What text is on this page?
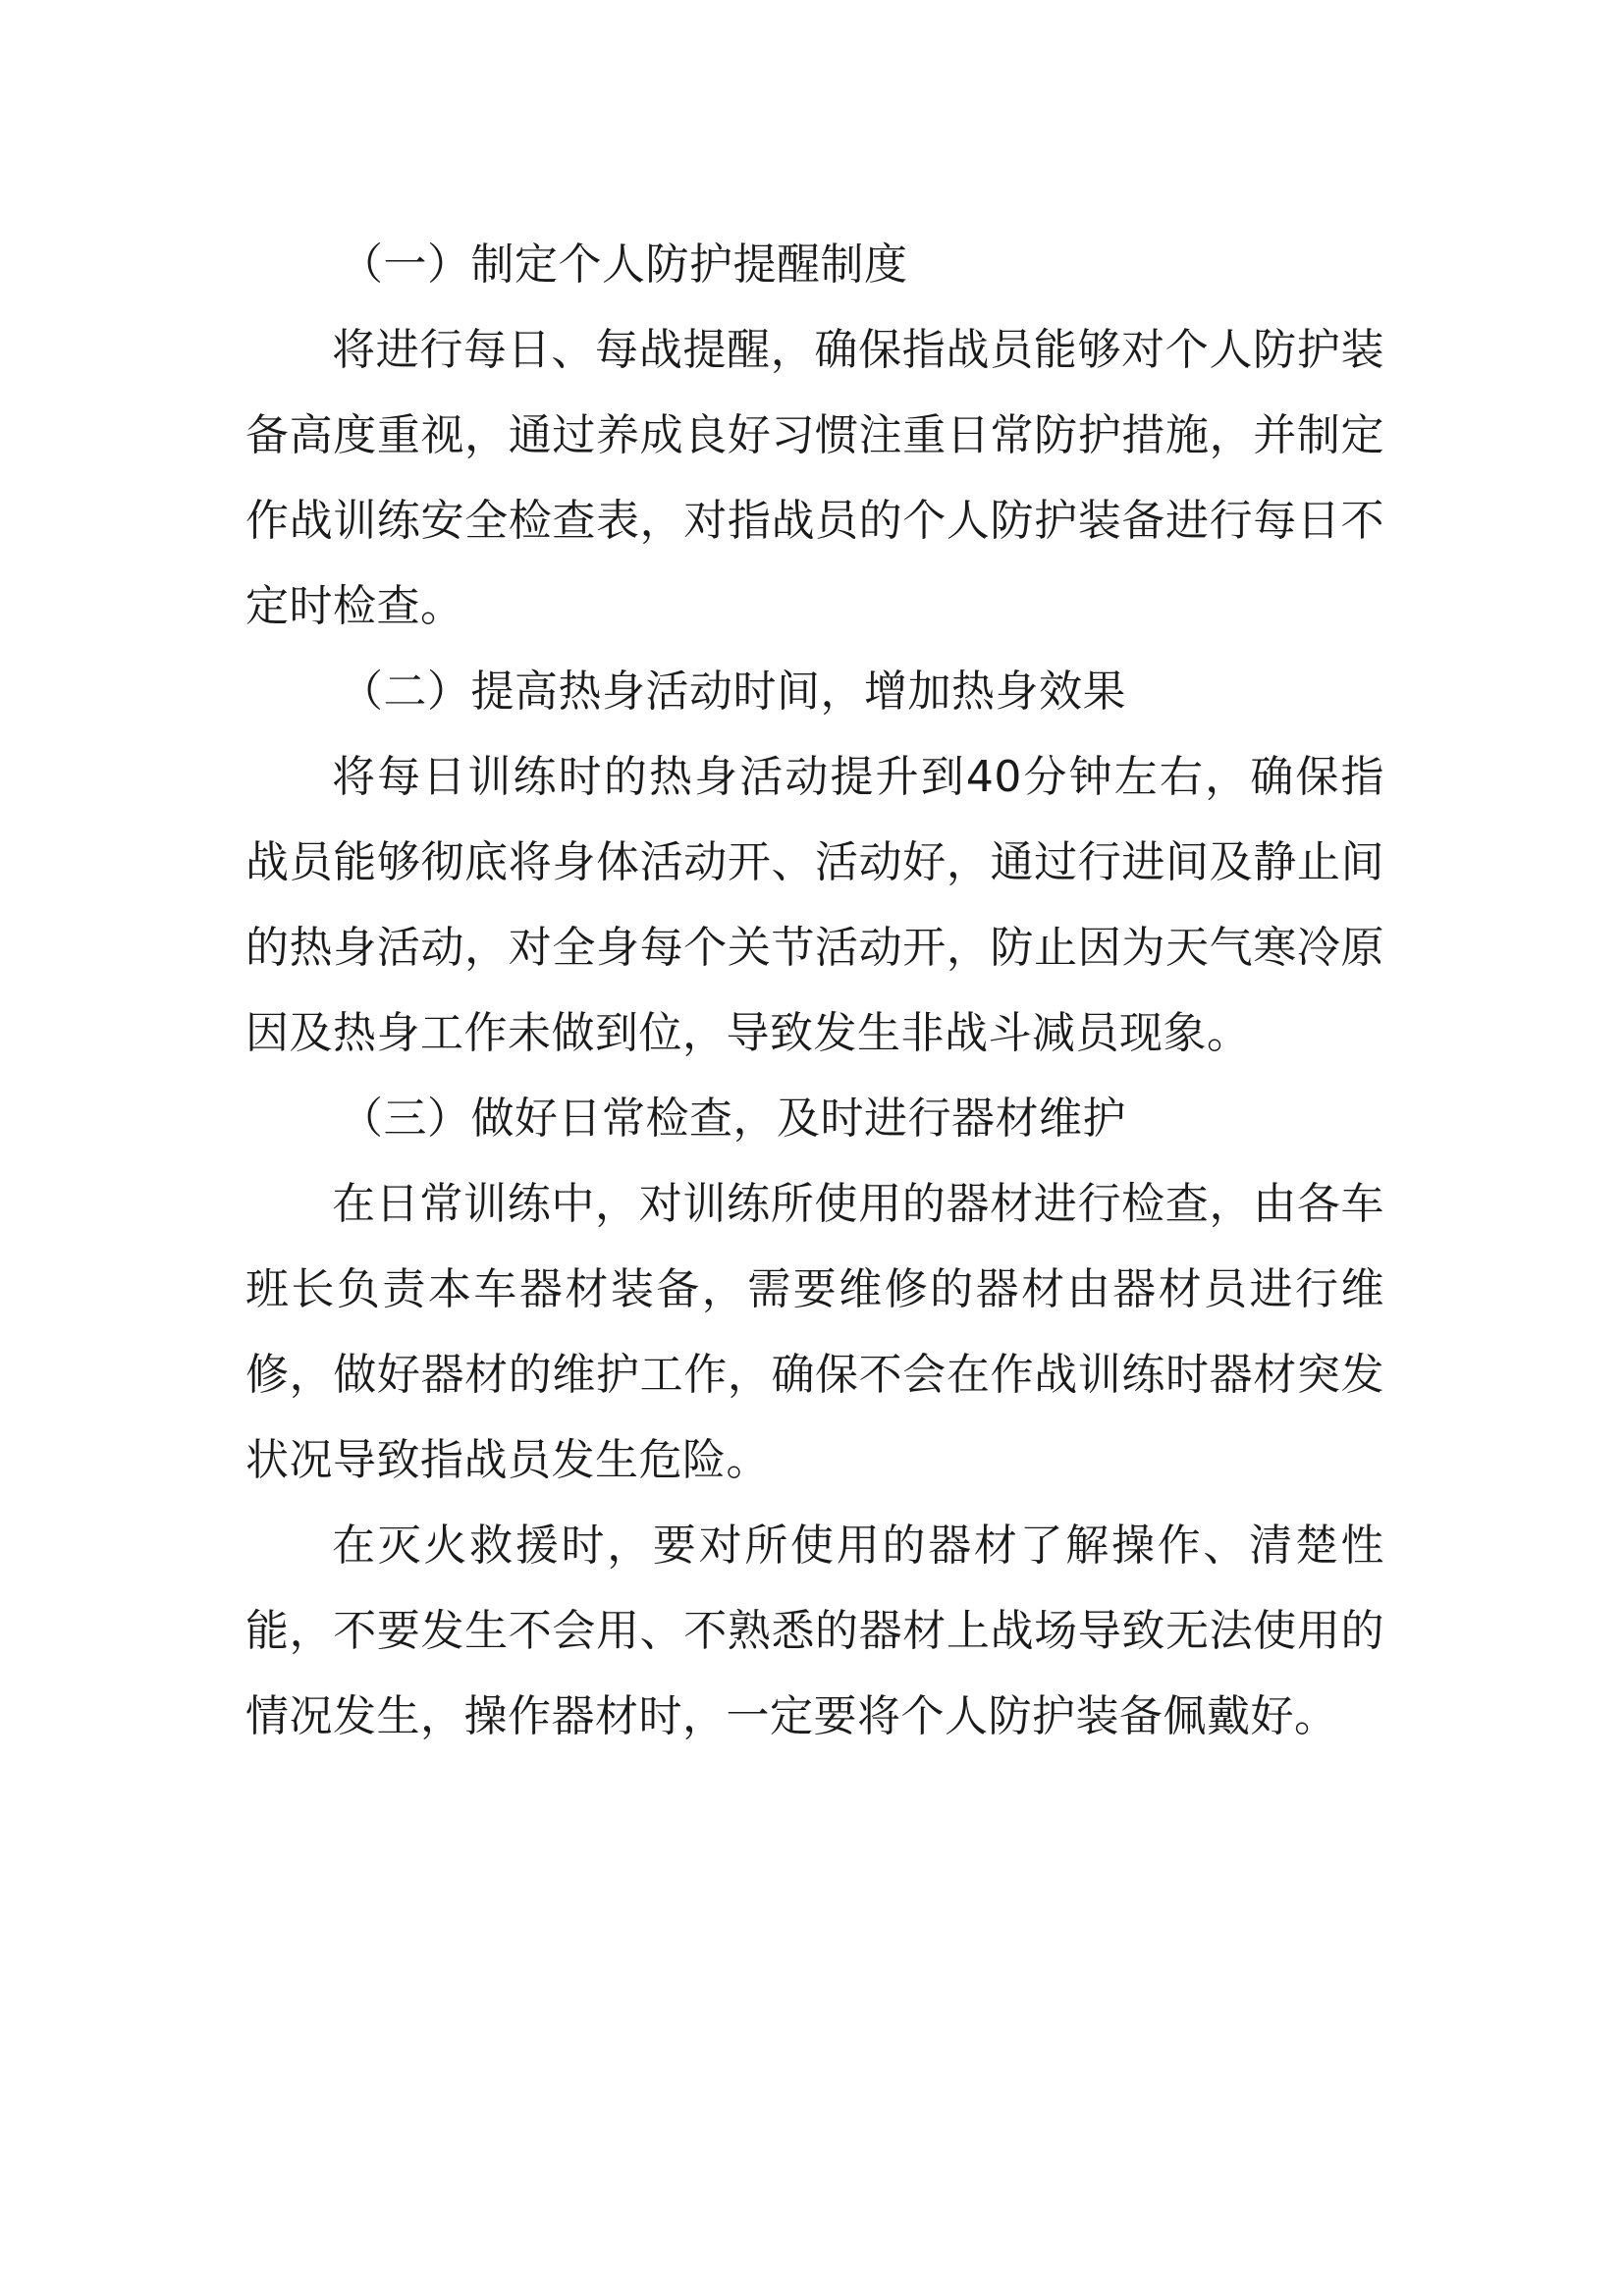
（一）制定个人防护提醒制度

将进行每日、每战提醒，确保指战员能够对个人防护装备高度重视，通过养成良好习惯注重日常防护措施，并制定作战训练安全检查表，对指战员的个人防护装备进行每日不定时检查。

（二）提高热身活动时间，增加热身效果

将每日训练时的热身活动提升到40分钟左右，确保指战员能够彻底将身体活动开、活动好，通过行进间及静止间的热身活动，对全身每个关节活动开，防止因为天气寒冷原因及热身工作未做到位，导致发生非战斗减员现象。

（三）做好日常检查，及时进行器材维护

在日常训练中，对训练所使用的器材进行检查，由各车班长负责本车器材装备，需要维修的器材由器材员进行维修，做好器材的维护工作，确保不会在作战训练时器材突发状况导致指战员发生危险。

在灭火救援时，要对所使用的器材了解操作、清楚性能，不要发生不会用、不熟悉的器材上战场导致无法使用的情况发生，操作器材时，一定要将个人防护装备佩戴好。
